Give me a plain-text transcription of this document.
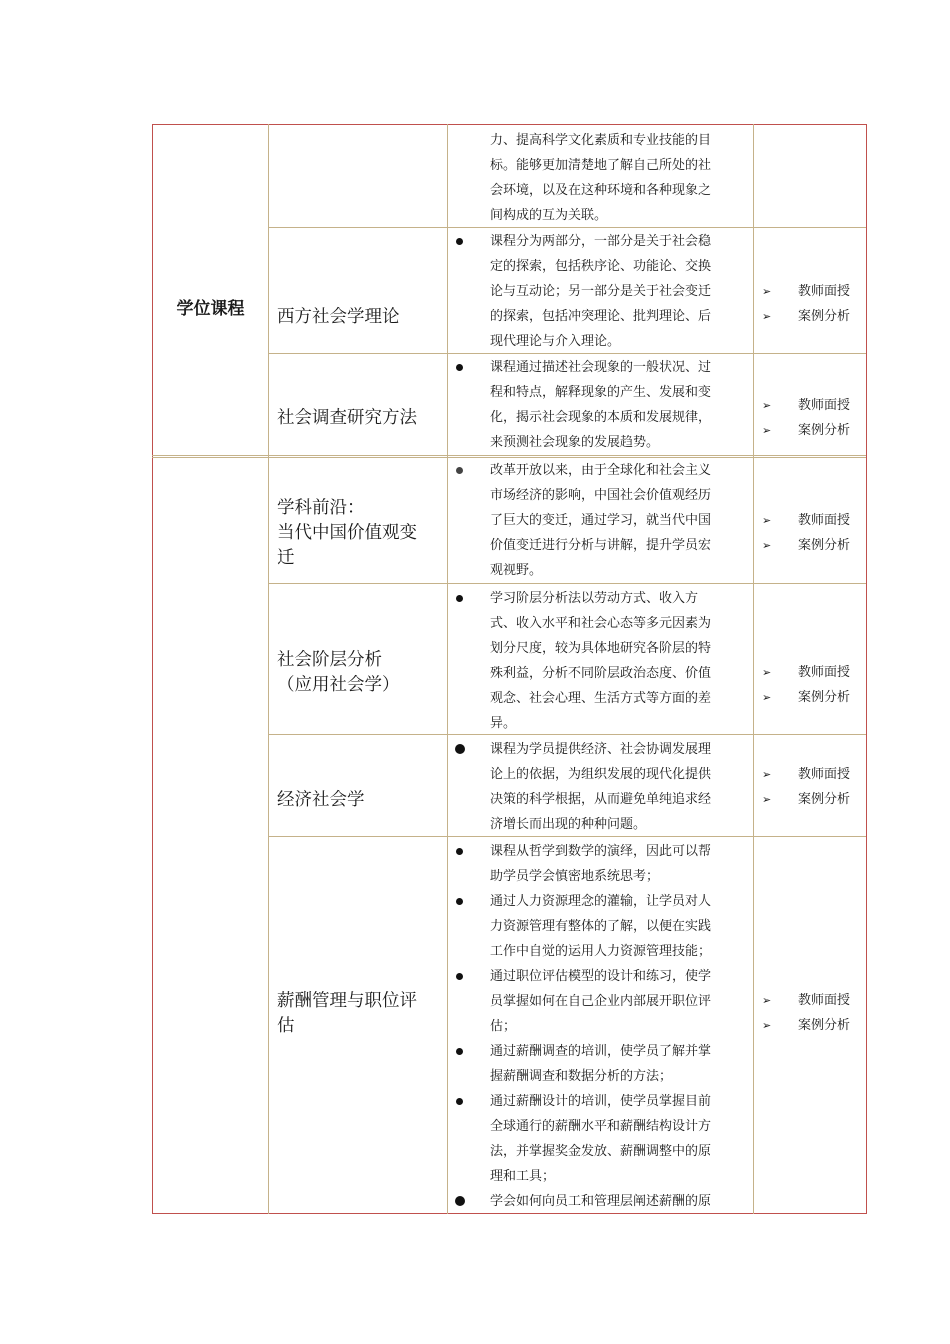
学位课程

力、提高科学文化素质和专业技能的目

标。能够更加清楚地了解自己所处的社

会环境，以及在这种环境和各种现象之

间构成的互为关联。

西方社会学理论
课程分为两部分，一部分是关于社会稳

定的探索，包括秩序论、功能论、交换

论与互动论；另一部分是关于社会变迁

的探索，包括冲突理论、批判理论、后

现代理论与介入理论。

➢ 教师面授
➢ 案例分析
社会调查研究方法
课程通过描述社会现象的一般状况、过

程和特点，解释现象的产生、发展和变

化，揭示社会现象的本质和发展规律，

来预测社会现象的发展趋势。

➢ 教师面授
➢ 案例分析
学科前沿：
当代中国价值观变
迁
改革开放以来，由于全球化和社会主义

市场经济的影响，中国社会价值观经历

了巨大的变迁，通过学习，就当代中国

价值变迁进行分析与讲解，提升学员宏

观视野。

➢ 教师面授
➢ 案例分析
社会阶层分析
（应用社会学）
学习阶层分析法以劳动方式、收入方

式、收入水平和社会心态等多元因素为

划分尺度，较为具体地研究各阶层的特

殊利益，分析不同阶层政治态度、价值

观念、社会心理、生活方式等方面的差

异。

➢ 教师面授
➢ 案例分析
经济社会学
课程为学员提供经济、社会协调发展理

论上的依据，为组织发展的现代化提供

决策的科学根据，从而避免单纯追求经

济增长而出现的种种问题。

➢ 教师面授
➢ 案例分析
薪酬管理与职位评
估
课程从哲学到数学的演绎，因此可以帮

助学员学会慎密地系统思考；

通过人力资源理念的灌输，让学员对人

力资源管理有整体的了解，以便在实践

工作中自觉的运用人力资源管理技能；

通过职位评估模型的设计和练习，使学

员掌握如何在自己企业内部展开职位评

估；

通过薪酬调查的培训，使学员了解并掌

握薪酬调查和数据分析的方法；

通过薪酬设计的培训，使学员掌握目前

全球通行的薪酬水平和薪酬结构设计方

法，并掌握奖金发放、薪酬调整中的原

理和工具；

学会如何向员工和管理层阐述薪酬的原
➢ 教师面授
➢ 案例分析
